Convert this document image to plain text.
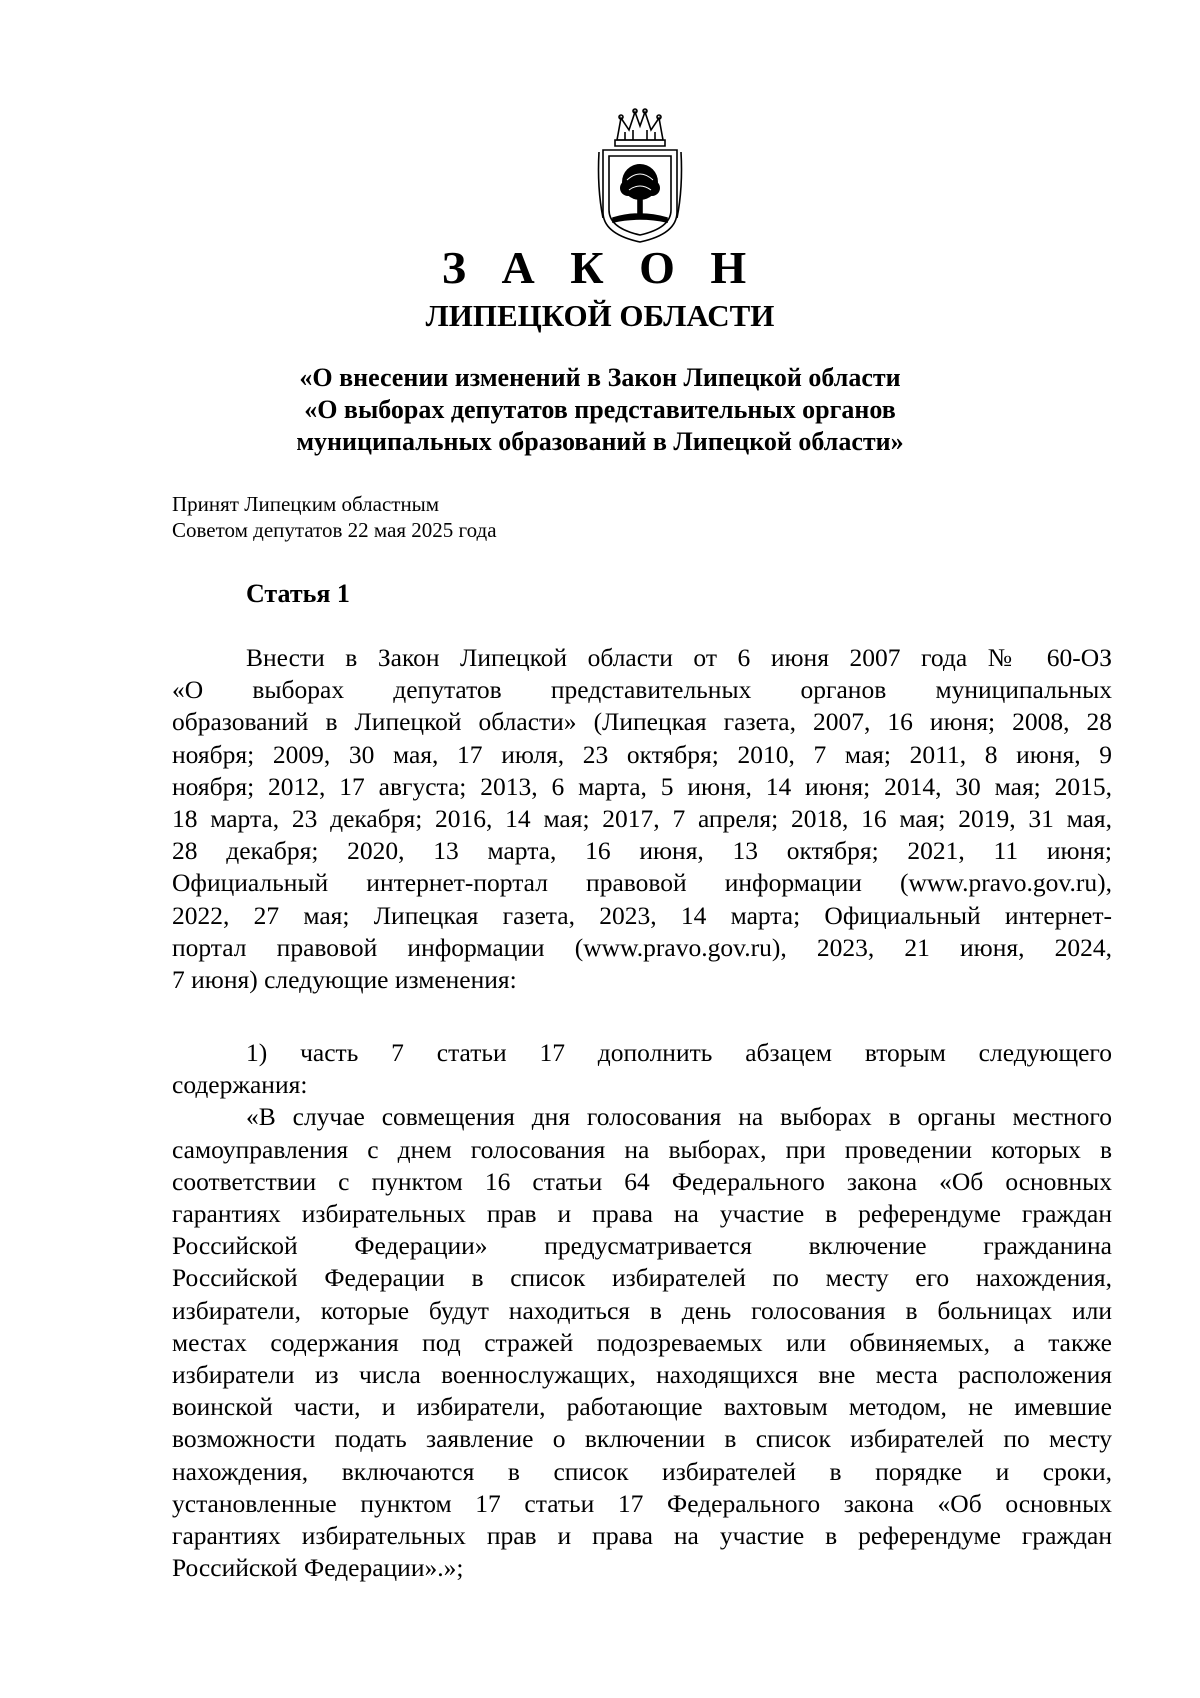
З А К О Н
ЛИПЕЦКОЙ ОБЛАСТИ
«О внесении изменений в Закон Липецкой области
«О выборах депутатов представительных органов
муниципальных образований в Липецкой области»
Принят Липецким областным
Советом депутатов 22 мая 2025 года
Статья 1
Внести в Закон Липецкой области от 6 июня 2007 года № 60-ОЗ
«О выборах депутатов представительных органов муниципальных
образований в Липецкой области» (Липецкая газета, 2007, 16 июня; 2008, 28
ноября; 2009, 30 мая, 17 июля, 23 октября; 2010, 7 мая; 2011, 8 июня, 9
ноября; 2012, 17 августа; 2013, 6 марта, 5 июня, 14 июня; 2014, 30 мая; 2015,
18 марта, 23 декабря; 2016, 14 мая; 2017, 7 апреля; 2018, 16 мая; 2019, 31 мая,
28 декабря; 2020, 13 марта, 16 июня, 13 октября; 2021, 11 июня;
Официальный интернет-портал правовой информации (www.pravo.gov.ru),
2022, 27 мая; Липецкая газета, 2023, 14 марта; Официальный интернет-
портал правовой информации (www.pravo.gov.ru), 2023, 21 июня, 2024,
7 июня) следующие изменения:
1) часть 7 статьи 17 дополнить абзацем вторым следующего
содержания:
«В случае совмещения дня голосования на выборах в органы местного
самоуправления с днем голосования на выборах, при проведении которых в
соответствии с пунктом 16 статьи 64 Федерального закона «Об основных
гарантиях избирательных прав и права на участие в референдуме граждан
Российской Федерации» предусматривается включение гражданина
Российской Федерации в список избирателей по месту его нахождения,
избиратели, которые будут находиться в день голосования в больницах или
местах содержания под стражей подозреваемых или обвиняемых, а также
избиратели из числа военнослужащих, находящихся вне места расположения
воинской части, и избиратели, работающие вахтовым методом, не имевшие
возможности подать заявление о включении в список избирателей по месту
нахождения, включаются в список избирателей в порядке и сроки,
установленные пунктом 17 статьи 17 Федерального закона «Об основных
гарантиях избирательных прав и права на участие в референдуме граждан
Российской Федерации».»;
